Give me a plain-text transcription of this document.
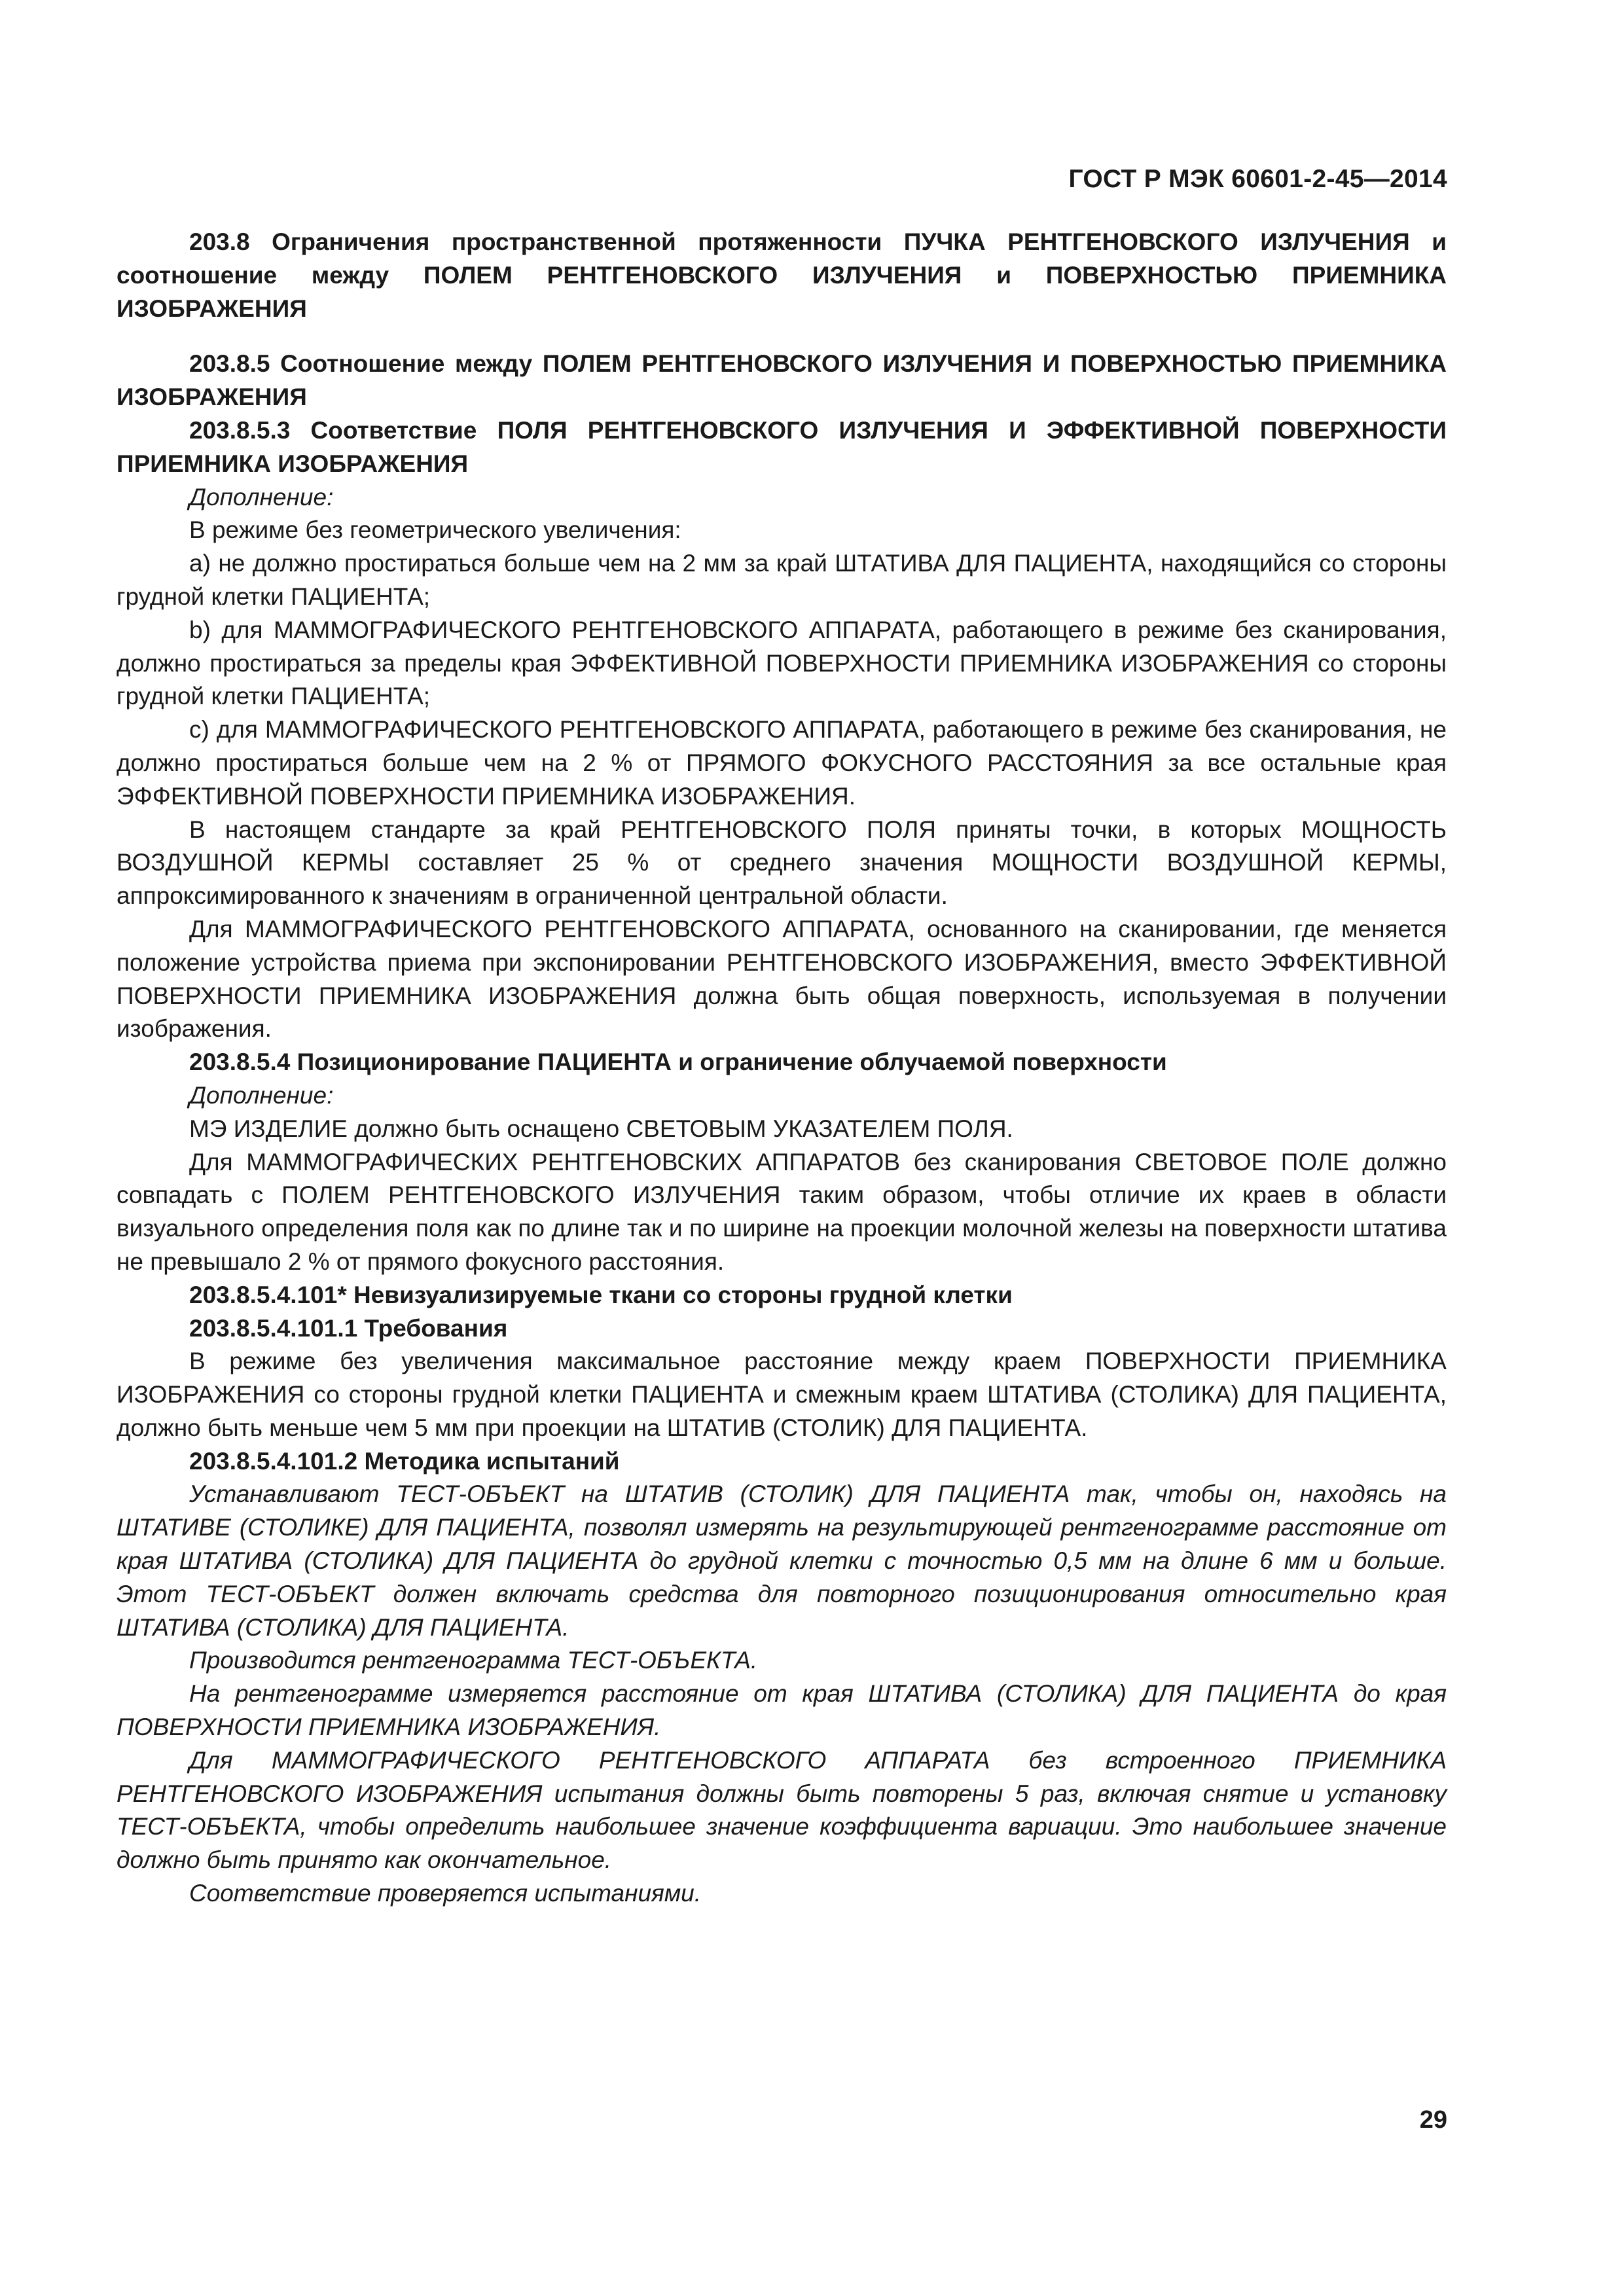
ГОСТ Р МЭК 60601-2-45—2014

203.8 Ограничения пространственной протяженности ПУЧКА РЕНТГЕНОВСКОГО ИЗЛУЧЕНИЯ и соотношение между ПОЛЕМ РЕНТГЕНОВСКОГО ИЗЛУЧЕНИЯ и ПОВЕРХНОСТЬЮ ПРИЕМНИКА ИЗОБРАЖЕНИЯ

203.8.5 Соотношение между ПОЛЕМ РЕНТГЕНОВСКОГО ИЗЛУЧЕНИЯ И ПОВЕРХНОСТЬЮ ПРИЕМНИКА ИЗОБРАЖЕНИЯ

203.8.5.3 Соответствие ПОЛЯ РЕНТГЕНОВСКОГО ИЗЛУЧЕНИЯ И ЭФФЕКТИВНОЙ ПОВЕРХНОСТИ ПРИЕМНИКА ИЗОБРАЖЕНИЯ

Дополнение:

В режиме без геометрического увеличения:

а) не должно простираться больше чем на 2 мм за край ШТАТИВА ДЛЯ ПАЦИЕНТА, находящийся со стороны грудной клетки ПАЦИЕНТА;

b) для МАММОГРАФИЧЕСКОГО РЕНТГЕНОВСКОГО АППАРАТА, работающего в режиме без сканирования, должно простираться за пределы края ЭФФЕКТИВНОЙ ПОВЕРХНОСТИ ПРИЕМНИКА ИЗОБРАЖЕНИЯ со стороны грудной клетки ПАЦИЕНТА;

c) для МАММОГРАФИЧЕСКОГО РЕНТГЕНОВСКОГО АППАРАТА, работающего в режиме без сканирования, не должно простираться больше чем на 2 % от ПРЯМОГО ФОКУСНОГО РАССТОЯНИЯ за все остальные края ЭФФЕКТИВНОЙ ПОВЕРХНОСТИ ПРИЕМНИКА ИЗОБРАЖЕНИЯ.

В настоящем стандарте за край РЕНТГЕНОВСКОГО ПОЛЯ приняты точки, в которых МОЩНОСТЬ ВОЗДУШНОЙ КЕРМЫ составляет 25 % от среднего значения МОЩНОСТИ ВОЗДУШНОЙ КЕРМЫ, аппроксимированного к значениям в ограниченной центральной области.

Для МАММОГРАФИЧЕСКОГО РЕНТГЕНОВСКОГО АППАРАТА, основанного на сканировании, где меняется положение устройства приема при экспонировании РЕНТГЕНОВСКОГО ИЗОБРАЖЕНИЯ, вместо ЭФФЕКТИВНОЙ ПОВЕРХНОСТИ ПРИЕМНИКА ИЗОБРАЖЕНИЯ должна быть общая поверхность, используемая в получении изображения.

203.8.5.4 Позиционирование ПАЦИЕНТА и ограничение облучаемой поверхности

Дополнение:

МЭ ИЗДЕЛИЕ должно быть оснащено СВЕТОВЫМ УКАЗАТЕЛЕМ ПОЛЯ.

Для МАММОГРАФИЧЕСКИХ РЕНТГЕНОВСКИХ АППАРАТОВ без сканирования СВЕТОВОЕ ПОЛЕ должно совпадать с ПОЛЕМ РЕНТГЕНОВСКОГО ИЗЛУЧЕНИЯ таким образом, чтобы отличие их краев в области визуального определения поля как по длине так и по ширине на проекции молочной железы на поверхности штатива не превышало 2 % от прямого фокусного расстояния.

203.8.5.4.101* Невизуализируемые ткани со стороны грудной клетки

203.8.5.4.101.1 Требования

В режиме без увеличения максимальное расстояние между краем ПОВЕРХНОСТИ ПРИЕМНИКА ИЗОБРАЖЕНИЯ со стороны грудной клетки ПАЦИЕНТА и смежным краем ШТАТИВА (СТОЛИКА) ДЛЯ ПАЦИЕНТА, должно быть меньше чем 5 мм при проекции на ШТАТИВ (СТОЛИК) ДЛЯ ПАЦИЕНТА.

203.8.5.4.101.2 Методика испытаний

Устанавливают ТЕСТ-ОБЪЕКТ на ШТАТИВ (СТОЛИК) ДЛЯ ПАЦИЕНТА так, чтобы он, находясь на ШТАТИВЕ (СТОЛИКЕ) ДЛЯ ПАЦИЕНТА, позволял измерять на результирующей рентгенограмме расстояние от края ШТАТИВА (СТОЛИКА) ДЛЯ ПАЦИЕНТА до грудной клетки с точностью 0,5 мм на длине 6 мм и больше. Этот ТЕСТ-ОБЪЕКТ должен включать средства для повторного позиционирования относительно края ШТАТИВА (СТОЛИКА) ДЛЯ ПАЦИЕНТА.

Производится рентгенограмма ТЕСТ-ОБЪЕКТА.

На рентгенограмме измеряется расстояние от края ШТАТИВА (СТОЛИКА) ДЛЯ ПАЦИЕНТА до края ПОВЕРХНОСТИ ПРИЕМНИКА ИЗОБРАЖЕНИЯ.

Для МАММОГРАФИЧЕСКОГО РЕНТГЕНОВСКОГО АППАРАТА без встроенного ПРИЕМНИКА РЕНТГЕНОВСКОГО ИЗОБРАЖЕНИЯ испытания должны быть повторены 5 раз, включая снятие и установку ТЕСТ-ОБЪЕКТА, чтобы определить наибольшее значение коэффициента вариации. Это наибольшее значение должно быть принято как окончательное.

Соответствие проверяется испытаниями.

29
